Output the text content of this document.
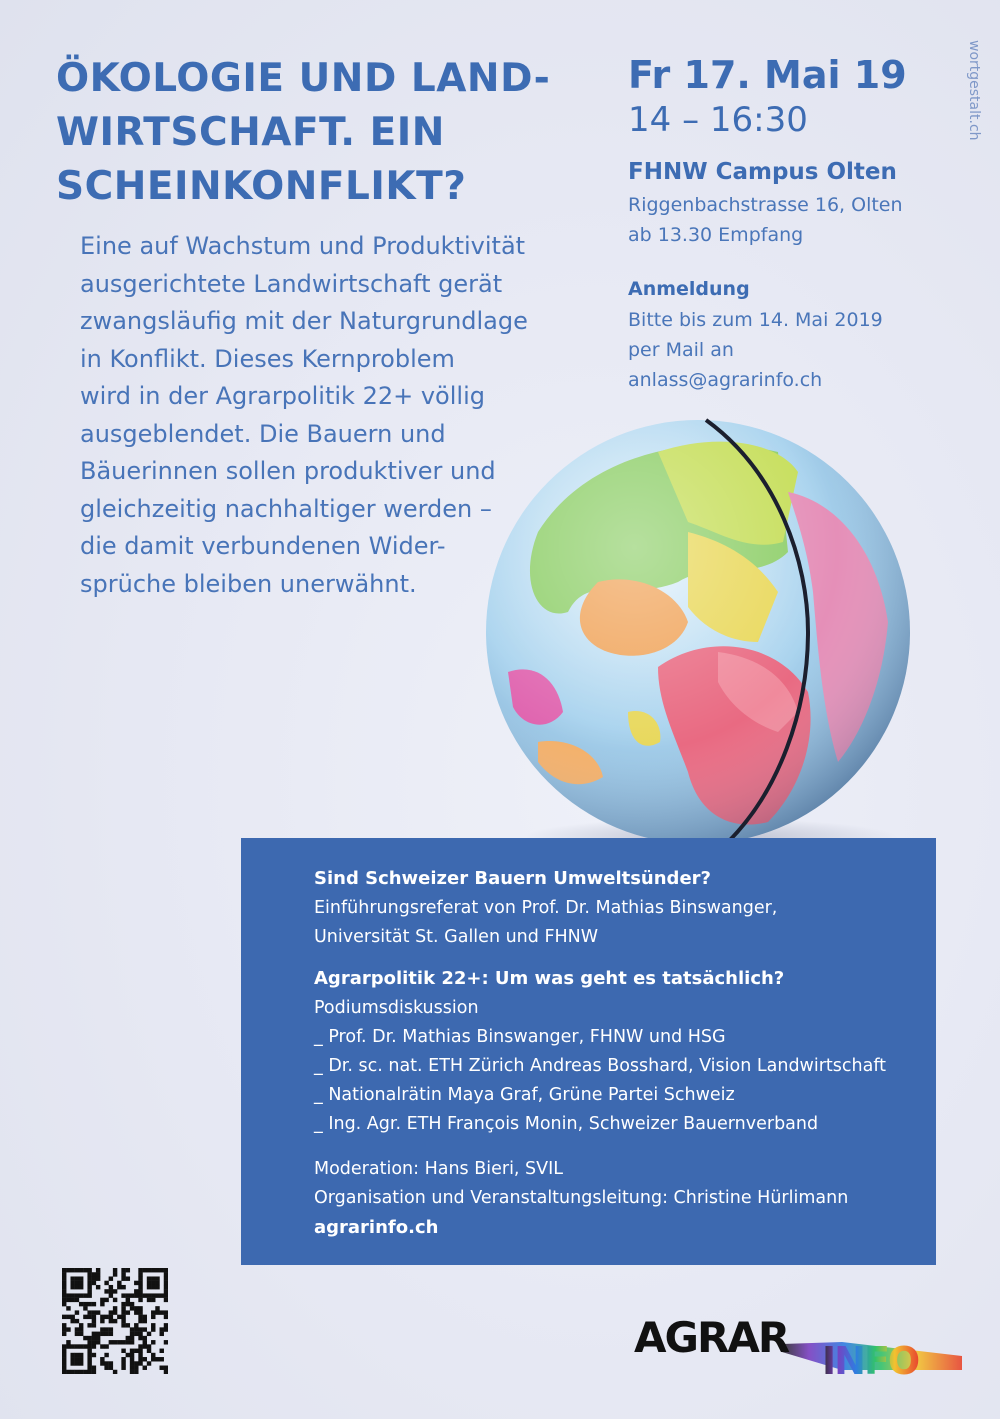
ÖKOLOGIE UND LAND-
WIRTSCHAFT. EIN
SCHEINKONFLIKT?
Eine auf Wachstum und Produktivität
ausgerichtete Landwirtschaft gerät
zwangsläufig mit der Naturgrundlage
in Konflikt. Dieses Kernproblem
wird in der Agrarpolitik 22+ völlig
ausgeblendet. Die Bauern und
Bäuerinnen sollen produktiver und
gleichzeitig nachhaltiger werden –
die damit verbundenen Wider-
sprüche bleiben unerwähnt.
Fr 17. Mai 19
14 – 16:30
FHNW Campus Olten
Riggenbachstrasse 16, Olten
ab 13.30 Empfang
Anmeldung
Bitte bis zum 14. Mai 2019
per Mail an
anlass@agrarinfo.ch
wortgestalt.ch
Sind Schweizer Bauern Umweltsünder?
Einführungsreferat von Prof. Dr. Mathias Binswanger,
Universität St. Gallen und FHNW
Agrarpolitik 22+: Um was geht es tatsächlich?
Podiumsdiskussion
_ Prof. Dr. Mathias Binswanger, FHNW und HSG
_ Dr. sc. nat. ETH Zürich Andreas Bosshard, Vision Landwirtschaft
_ Nationalrätin Maya Graf, Grüne Partei Schweiz
_ Ing. Agr. ETH François Monin, Schweizer Bauernverband
Moderation: Hans Bieri, SVIL
Organisation und Veranstaltungsleitung: Christine Hürlimann
agrarinfo.ch
AGRAR INFO
